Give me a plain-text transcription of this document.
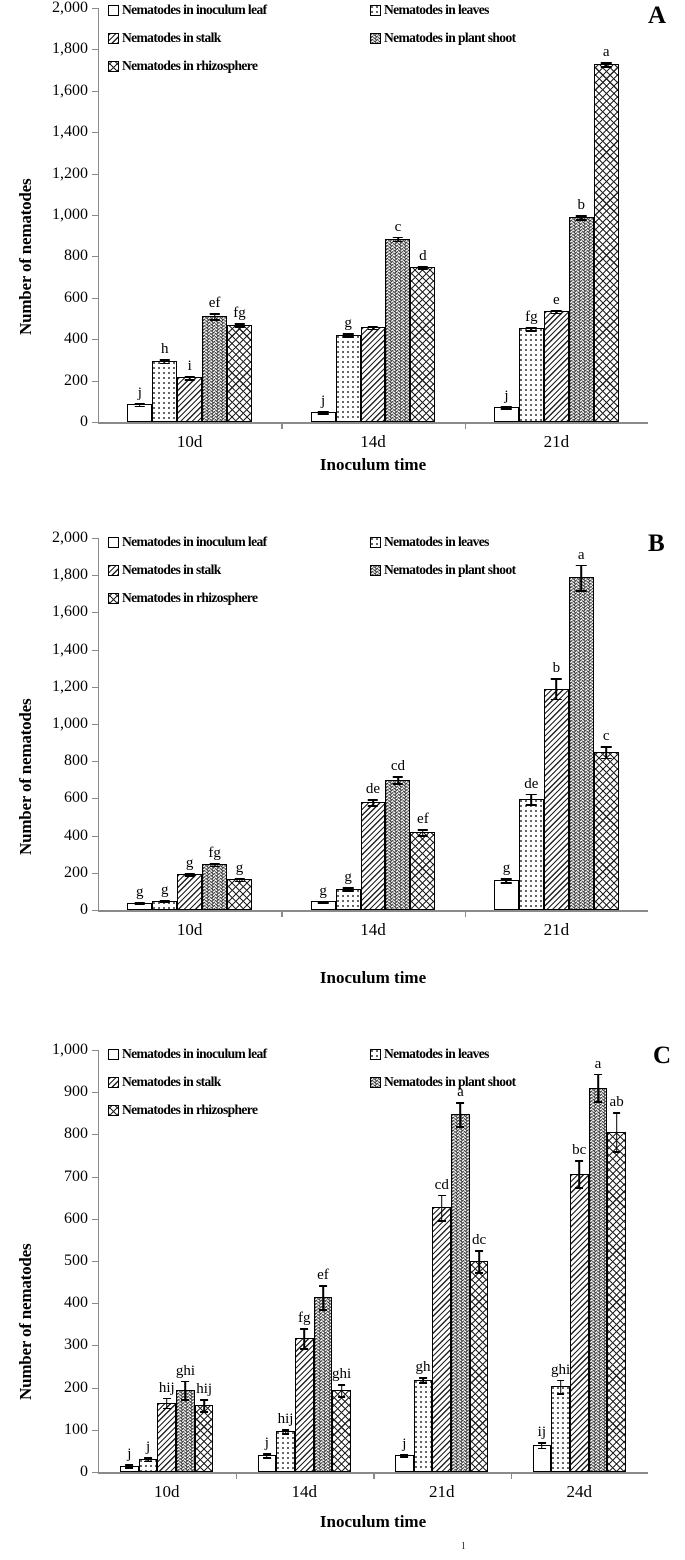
l
0
200
400
600
800
1,000
1,200
1,400
1,600
1,800
2,000
Number of nematodes
j
h
i
ef
fg
10d
j
g
c
d
14d
j
fg
e
b
a
21d
Inoculum time
Nematodes in inoculum leaf	Nematodes in leaves
Nematodes in stalk	Nematodes in plant shoot
Nematodes in rhizosphere
A
0
200
400
600
800
1,000
1,200
1,400
1,600
1,800
2,000
Number of nematodes
g g
g
fg
g
10d
g
g
de
cd
ef
14d
g
de
b
a
c
21d
Inoculum time
Nematodes in inoculum leaf	Nematodes in leaves
Nematodes in stalk	Nematodes in plant shoot
Nematodes in rhizosphere
B
0
100
200
300
400
500
600
700
800
900
1,000
Number of nematodes
j j
hij
ghi
hij
10d
j
hij
fg
ef
ghi
14d
j
gh
cd
a
dc
21d
ij
ghi
bc
a
ab
24d
Inoculum time
Nematodes in inoculum leaf	Nematodes in leaves
Nematodes in stalk	Nematodes in plant shoot
Nematodes in rhizosphere
C
